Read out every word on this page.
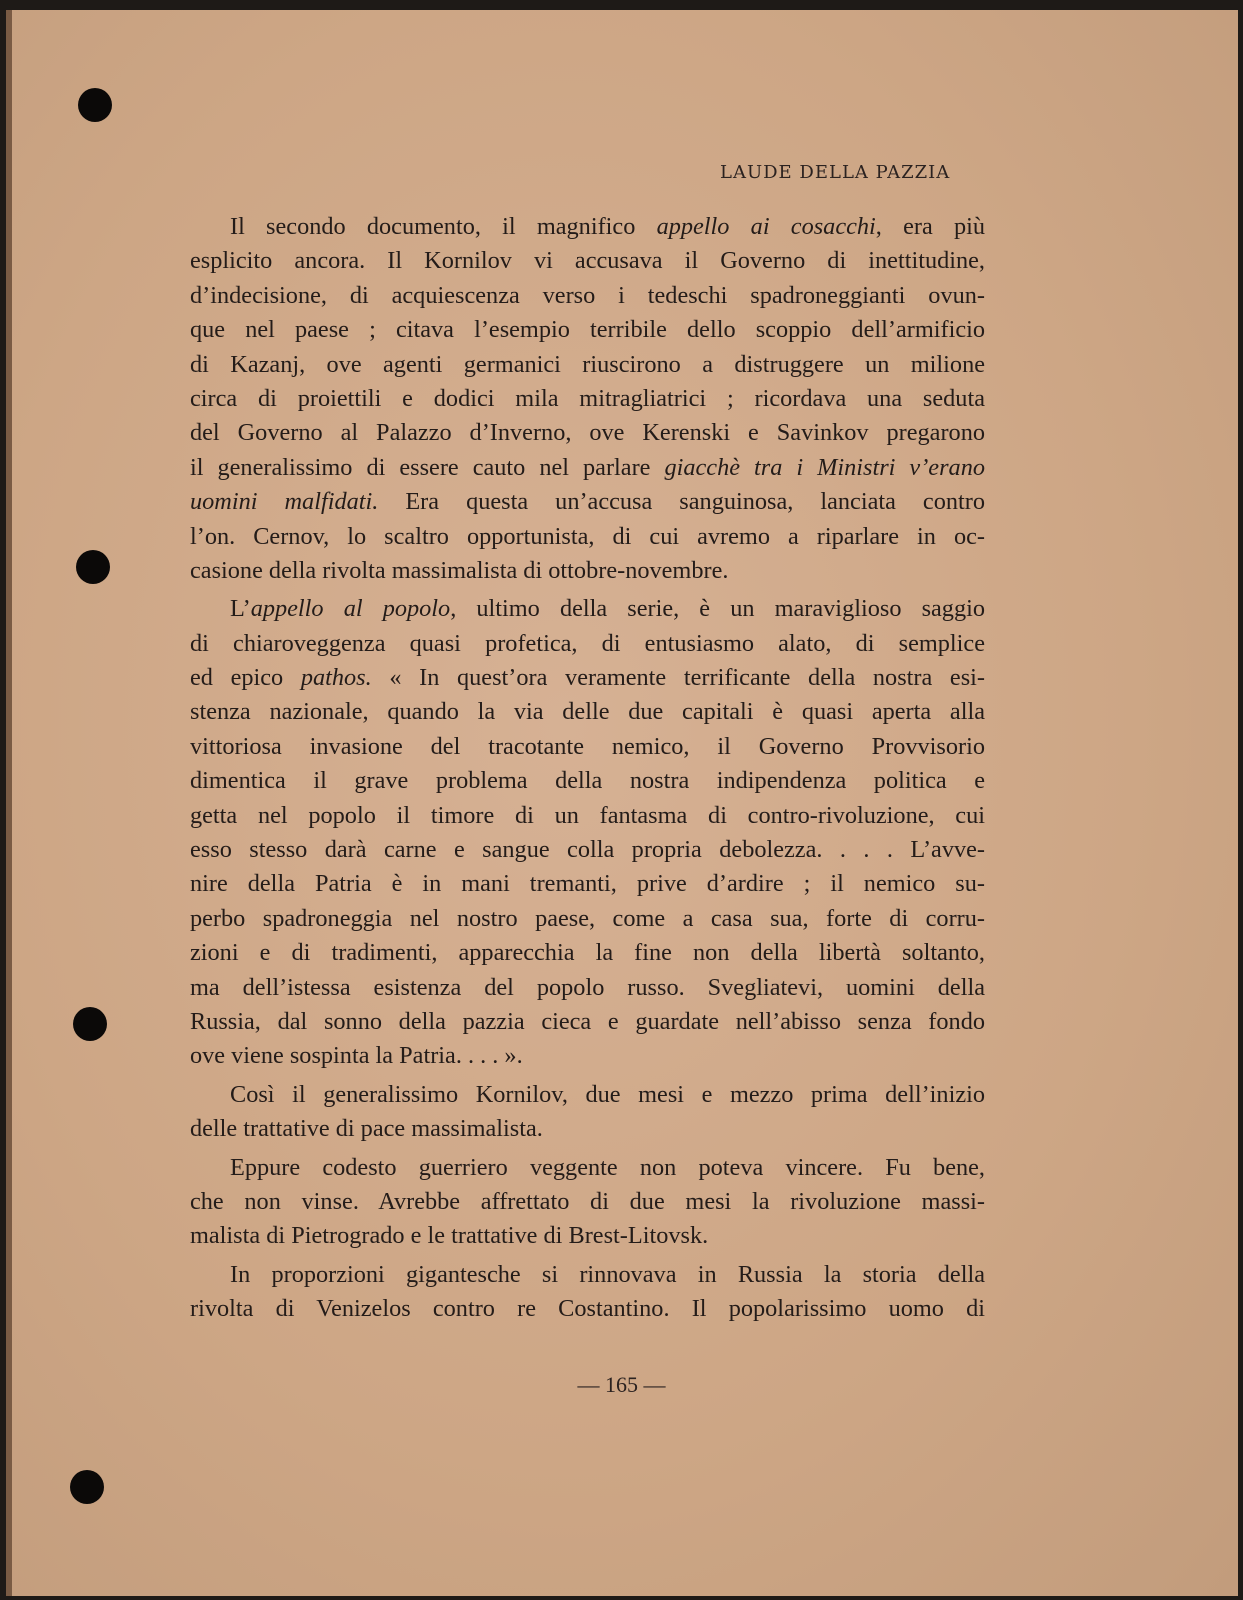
LAUDE DELLA PAZZIA
Il secondo documento, il magnifico appello ai cosacchi, era più
esplicito ancora. Il Kornilov vi accusava il Governo di inettitudine,
d’indecisione, di acquiescenza verso i tedeschi spadroneggianti ovun-
que nel paese ; citava l’esempio terribile dello scoppio dell’armificio
di Kazanj, ove agenti germanici riuscirono a distruggere un milione
circa di proiettili e dodici mila mitragliatrici ; ricordava una seduta
del Governo al Palazzo d’Inverno, ove Kerenski e Savinkov pregarono
il generalissimo di essere cauto nel parlare giacchè tra i Ministri v’erano
uomini malfidati. Era questa un’accusa sanguinosa, lanciata contro
l’on. Cernov, lo scaltro opportunista, di cui avremo a riparlare in oc-
casione della rivolta massimalista di ottobre-novembre.
L’appello al popolo, ultimo della serie, è un maraviglioso saggio
di chiaroveggenza quasi profetica, di entusiasmo alato, di semplice
ed epico pathos. « In quest’ora veramente terrificante della nostra esi-
stenza nazionale, quando la via delle due capitali è quasi aperta alla
vittoriosa invasione del tracotante nemico, il Governo Provvisorio
dimentica il grave problema della nostra indipendenza politica e
getta nel popolo il timore di un fantasma di contro-rivoluzione, cui
esso stesso darà carne e sangue colla propria debolezza. . . . L’avve-
nire della Patria è in mani tremanti, prive d’ardire ; il nemico su-
perbo spadroneggia nel nostro paese, come a casa sua, forte di corru-
zioni e di tradimenti, apparecchia la fine non della libertà soltanto,
ma dell’istessa esistenza del popolo russo. Svegliatevi, uomini della
Russia, dal sonno della pazzia cieca e guardate nell’abisso senza fondo
ove viene sospinta la Patria. . . . ».
Così il generalissimo Kornilov, due mesi e mezzo prima dell’inizio
delle trattative di pace massimalista.
Eppure codesto guerriero veggente non poteva vincere. Fu bene,
che non vinse. Avrebbe affrettato di due mesi la rivoluzione massi-
malista di Pietrogrado e le trattative di Brest-Litovsk.
In proporzioni gigantesche si rinnovava in Russia la storia della
rivolta di Venizelos contro re Costantino. Il popolarissimo uomo di
— 165 —
